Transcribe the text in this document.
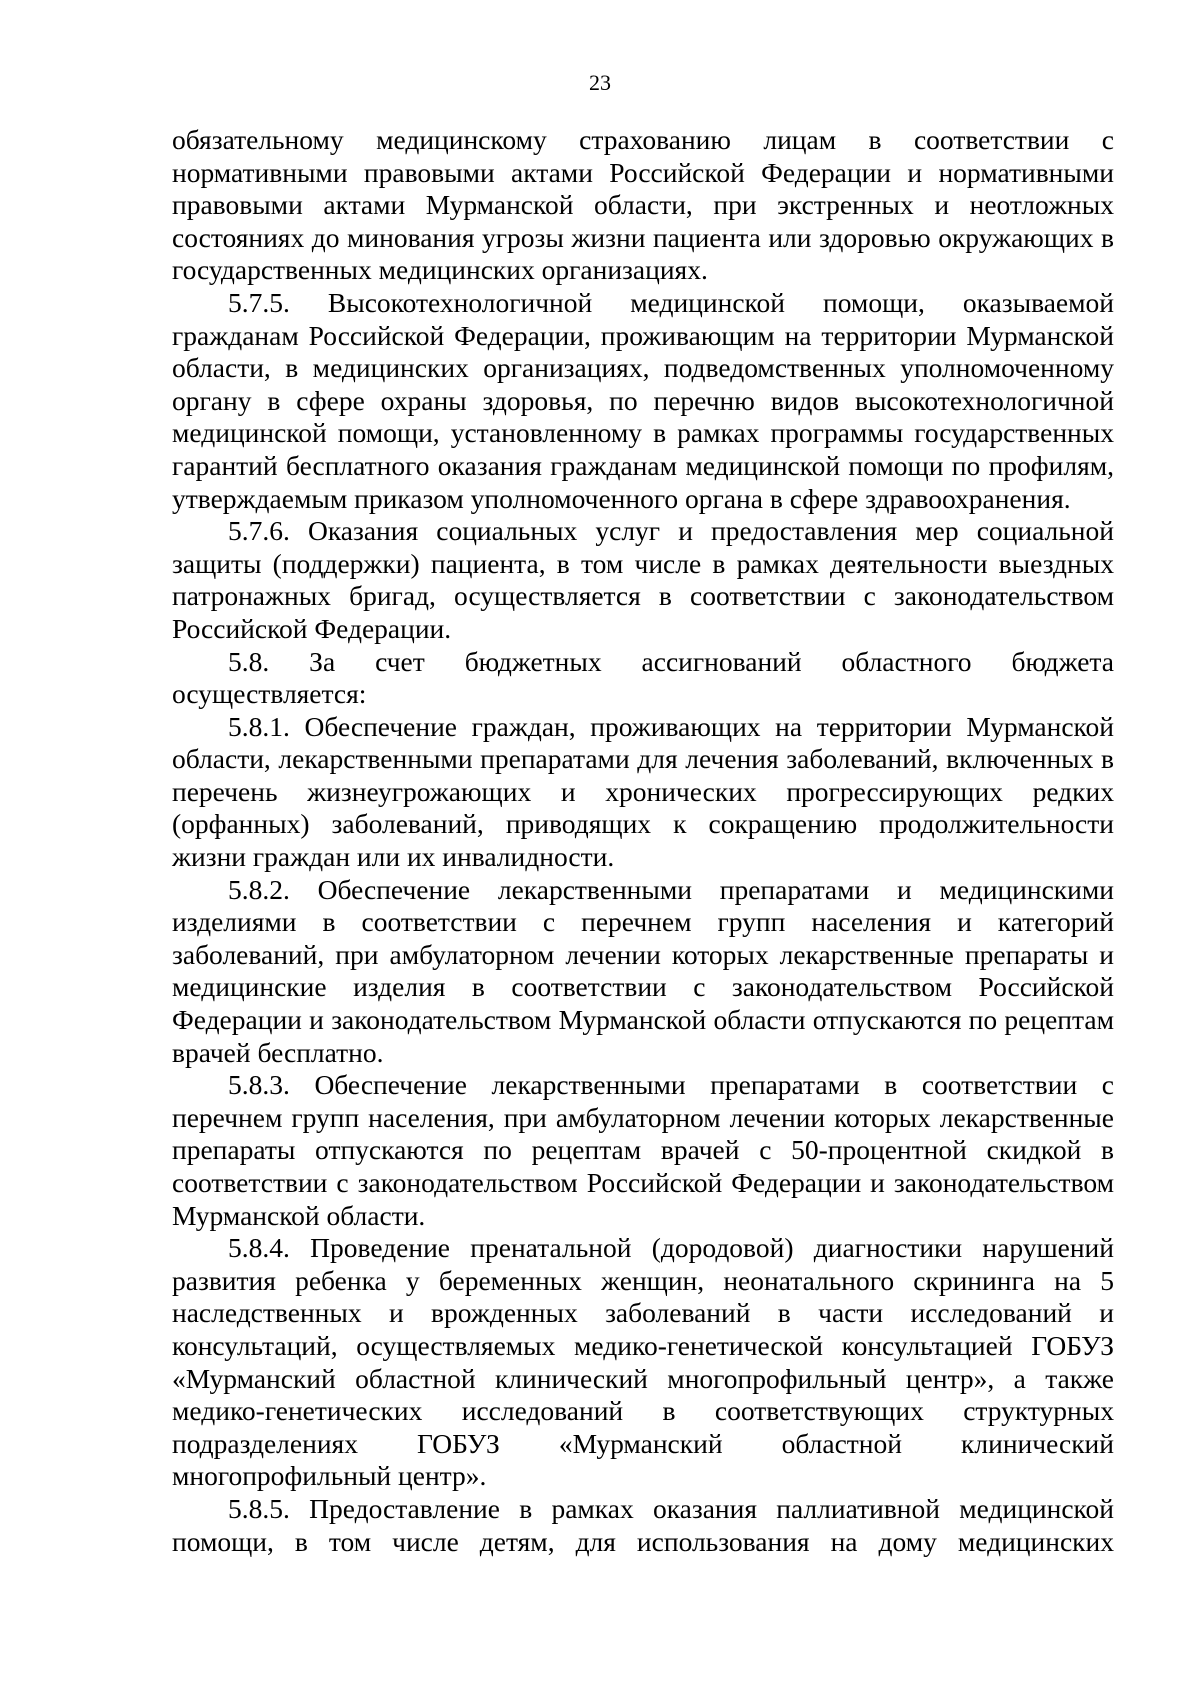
23

обязательному медицинскому страхованию лицам в соответствии с нормативными правовыми актами Российской Федерации и нормативными правовыми актами Мурманской области, при экстренных и неотложных состояниях до минования угрозы жизни пациента или здоровью окружающих в государственных медицинских организациях.

5.7.5. Высокотехнологичной медицинской помощи, оказываемой гражданам Российской Федерации, проживающим на территории Мурманской области, в медицинских организациях, подведомственных уполномоченному органу в сфере охраны здоровья, по перечню видов высокотехнологичной медицинской помощи, установленному в рамках программы государственных гарантий бесплатного оказания гражданам медицинской помощи по профилям, утверждаемым приказом уполномоченного органа в сфере здравоохранения.

5.7.6. Оказания социальных услуг и предоставления мер социальной защиты (поддержки) пациента, в том числе в рамках деятельности выездных патронажных бригад, осуществляется в соответствии с законодательством Российской Федерации.

5.8. За счет бюджетных ассигнований областного бюджета осуществляется:

5.8.1. Обеспечение граждан, проживающих на территории Мурманской области, лекарственными препаратами для лечения заболеваний, включенных в перечень жизнеугрожающих и хронических прогрессирующих редких (орфанных) заболеваний, приводящих к сокращению продолжительности жизни граждан или их инвалидности.

5.8.2. Обеспечение лекарственными препаратами и медицинскими изделиями в соответствии с перечнем групп населения и категорий заболеваний, при амбулаторном лечении которых лекарственные препараты и медицинские изделия в соответствии с законодательством Российской Федерации и законодательством Мурманской области отпускаются по рецептам врачей бесплатно.

5.8.3. Обеспечение лекарственными препаратами в соответствии с перечнем групп населения, при амбулаторном лечении которых лекарственные препараты отпускаются по рецептам врачей с 50-процентной скидкой в соответствии с законодательством Российской Федерации и законодательством Мурманской области.

5.8.4. Проведение пренатальной (дородовой) диагностики нарушений развития ребенка у беременных женщин, неонатального скрининга на 5 наследственных и врожденных заболеваний в части исследований и консультаций, осуществляемых медико-генетической консультацией ГОБУЗ «Мурманский областной клинический многопрофильный центр», а также медико-генетических исследований в соответствующих структурных подразделениях ГОБУЗ «Мурманский областной клинический многопрофильный центр».

5.8.5. Предоставление в рамках оказания паллиативной медицинской помощи, в том числе детям, для использования на дому медицинских
